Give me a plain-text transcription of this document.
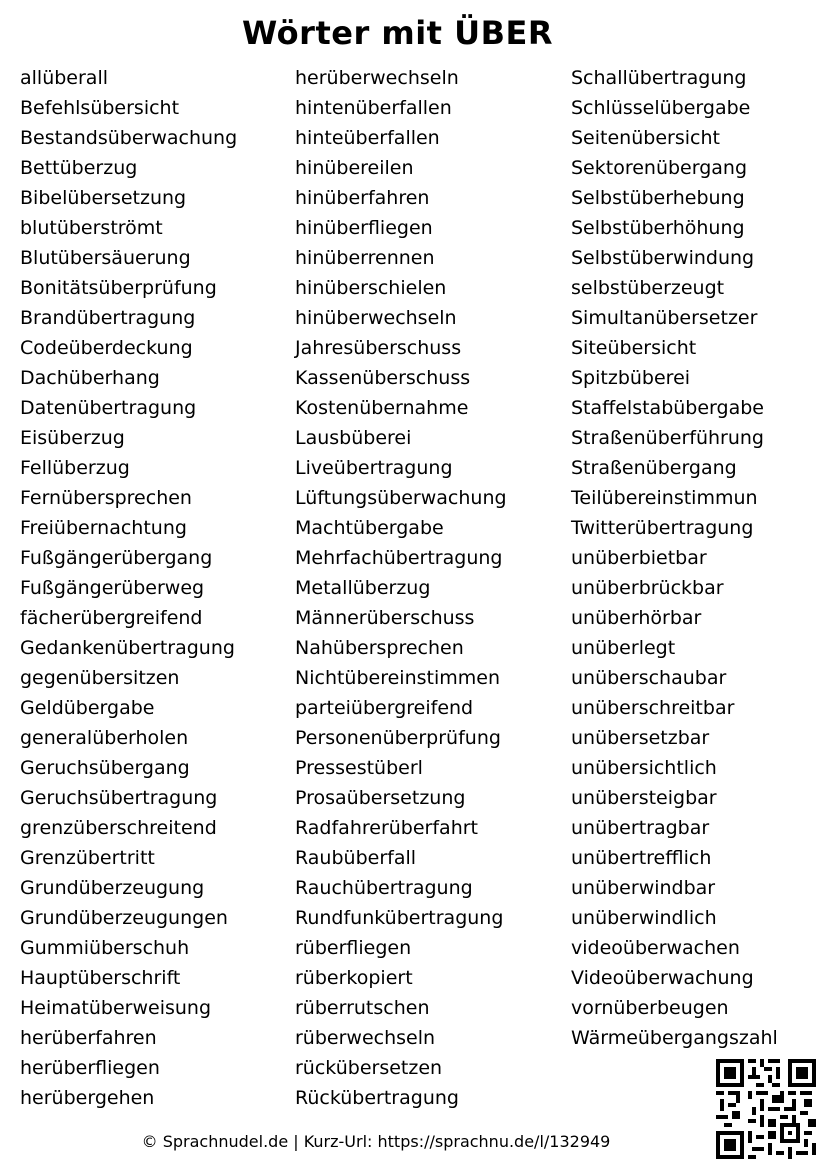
Wörter mit ÜBER
allüberall
Befehlsübersicht
Bestandsüberwachung
Bettüberzug
Bibelübersetzung
blutüberströmt
Blutübersäuerung
Bonitätsüberprüfung
Brandübertragung
Codeüberdeckung
Dachüberhang
Datenübertragung
Eisüberzug
Fellüberzug
Fernübersprechen
Freiübernachtung
Fußgängerübergang
Fußgängerüberweg
fächerübergreifend
Gedankenübertragung
gegenübersitzen
Geldübergabe
generalüberholen
Geruchsübergang
Geruchsübertragung
grenzüberschreitend
Grenzübertritt
Grundüberzeugung
Grundüberzeugungen
Gummiüberschuh
Hauptüberschrift
Heimatüberweisung
herüberfahren
herüberfliegen
herübergehen
herüberwechseln
hintenüberfallen
hinteüberfallen
hinübereilen
hinüberfahren
hinüberfliegen
hinüberrennen
hinüberschielen
hinüberwechseln
Jahresüberschuss
Kassenüberschuss
Kostenübernahme
Lausbüberei
Liveübertragung
Lüftungsüberwachung
Machtübergabe
Mehrfachübertragung
Metallüberzug
Männerüberschuss
Nahübersprechen
Nichtübereinstimmen
parteiübergreifend
Personenüberprüfung
Pressestüberl
Prosaübersetzung
Radfahrerüberfahrt
Raubüberfall
Rauchübertragung
Rundfunkübertragung
rüberfliegen
rüberkopiert
rüberrutschen
rüberwechseln
rückübersetzen
Rückübertragung
Schallübertragung
Schlüsselübergabe
Seitenübersicht
Sektorenübergang
Selbstüberhebung
Selbstüberhöhung
Selbstüberwindung
selbstüberzeugt
Simultanübersetzer
Siteübersicht
Spitzbüberei
Staffelstabübergabe
Straßenüberführung
Straßenübergang
Teilübereinstimmun
Twitterübertragung
unüberbietbar
unüberbrückbar
unüberhörbar
unüberlegt
unüberschaubar
unüberschreitbar
unübersetzbar
unübersichtlich
unübersteigbar
unübertragbar
unübertrefflich
unüberwindbar
unüberwindlich
videoüberwachen
Videoüberwachung
vornüberbeugen
Wärmeübergangszahl
© Sprachnudel.de | Kurz-Url: https://sprachnu.de/l/132949
